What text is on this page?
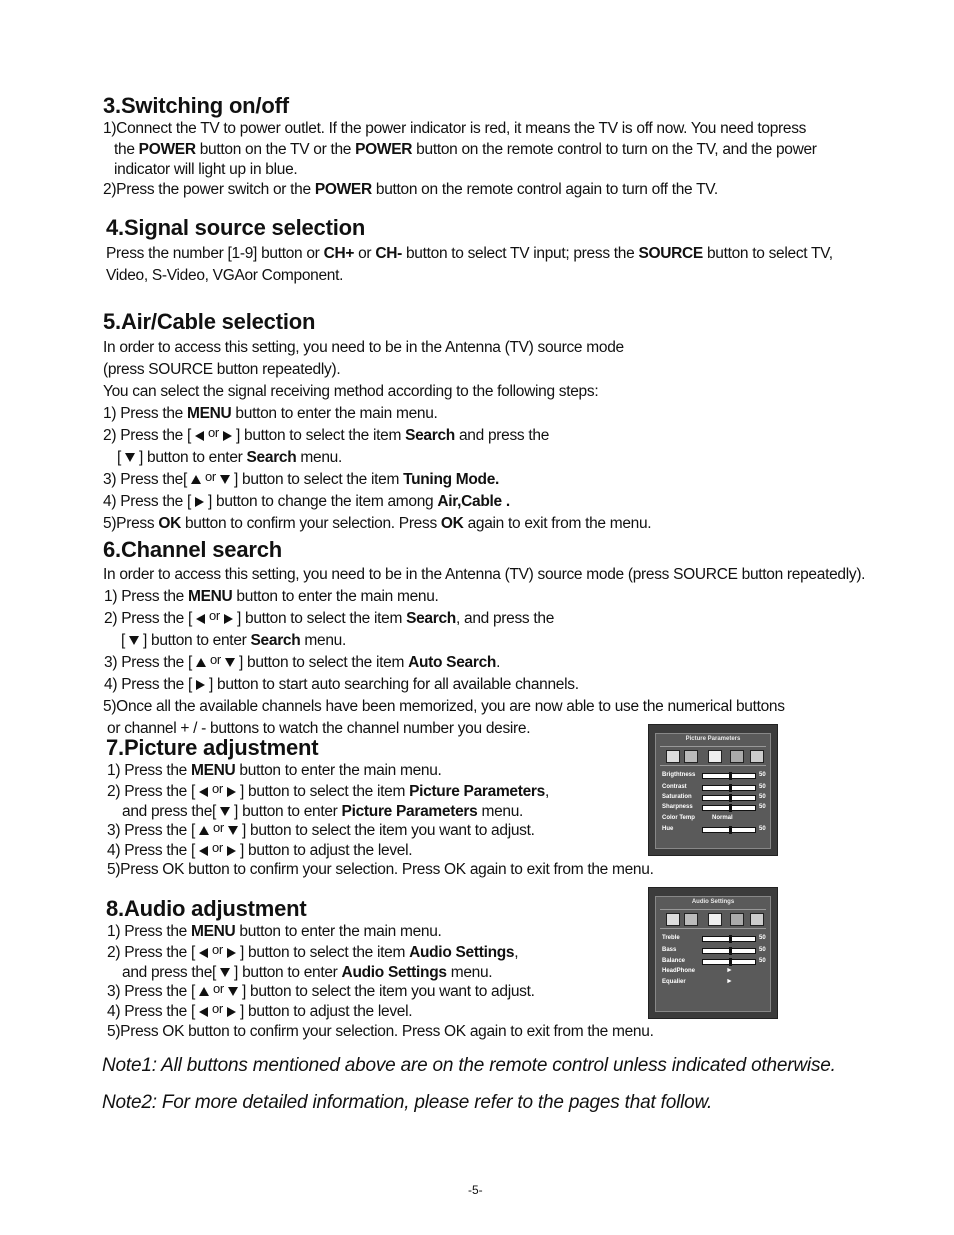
3.Switching on/off
1)Connect the TV to power outlet. If the power indicator is red, it means the TV is off now. You need topress
the POWER button on the TV or the POWER button on the remote control to turn on the TV, and the power
indicator will light up in blue.
2)Press the power switch or the POWER button on the remote control again to turn off the TV.
4.Signal source selection
Press the number [1-9] button or CH+ or CH- button to select TV input; press the SOURCE button to select TV,
Video, S-Video, VGAor Component.
5.Air/Cable selection
In order to access this setting, you need to be in the Antenna (TV) source mode
(press SOURCE button repeatedly).
You can select the signal receiving method according to the following steps:
1) Press the MENU button to enter the main menu.
2) Press the [  or  ] button to select the item Search and press the
[  ] button to enter Search menu.
3) Press the[  or  ] button to select the item Tuning Mode.
4) Press the [  ] button to change the item among Air,Cable .
5)Press OK button to confirm your selection. Press OK again to exit from the menu.
6.Channel search
In order to access this setting, you need to be in the Antenna (TV) source mode (press SOURCE button repeatedly).
1) Press the MENU button to enter the main menu.
2) Press the [  or  ] button to select the item Search, and press the
[  ] button to enter Search menu.
3) Press the [  or  ] button to select the item Auto Search.
4) Press the [  ] button to start auto searching for all available channels.
5)Once all the available channels have been memorized, you are now able to use the numerical buttons
or channel + / - buttons to watch the channel number you desire.
7.Picture adjustment
1) Press the MENU button to enter the main menu.
2) Press the [  or  ] button to select the item Picture Parameters,
and press the[  ] button to enter Picture Parameters menu.
3) Press the [  or  ] button to select the item you want to adjust.
4) Press the [  or  ] button to adjust the level.
5)Press OK button to confirm your selection. Press OK again to exit from the menu.
Picture Parameters
Brigthtness
Contrast
Saturation
Sharpness
Color Temp
Hue
50
50
50
50
Normal
50
8.Audio adjustment
1) Press the MENU button to enter the main menu.
2) Press the [  or  ] button to select the item Audio Settings,
and press the[  ] button to enter Audio Settings menu.
3) Press the [  or  ] button to select the item you want to adjust.
4) Press the [  or  ] button to adjust the level.
5)Press OK button to confirm your selection. Press OK again to exit from the menu.
Audio Settings
Treble
Bass
Balance
HeadPhone
Equalier
50
50
50
►
►
Note1: All buttons mentioned above are on the remote control unless indicated otherwise.
Note2: For more detailed information, please refer to the pages that follow.
-5-
